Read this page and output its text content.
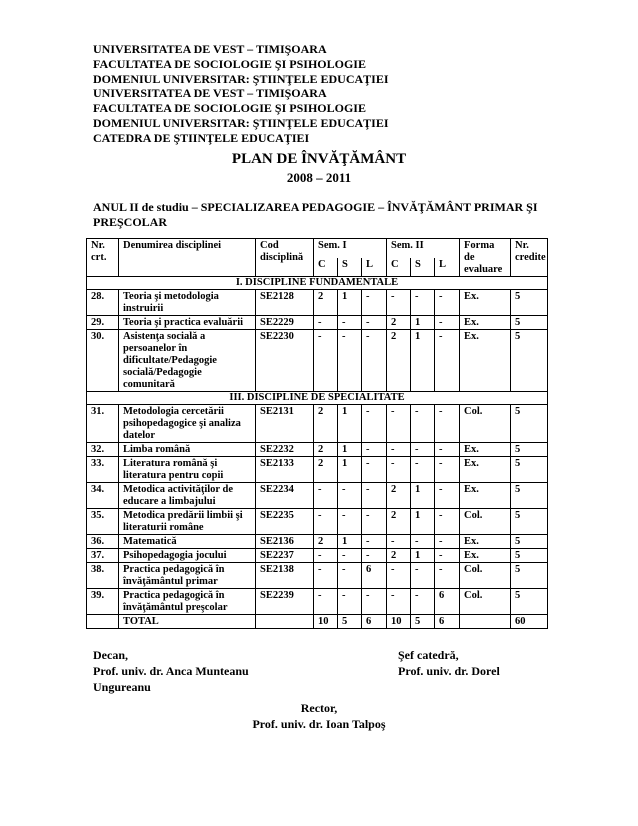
UNIVERSITATEA DE VEST – TIMIŞOARA
FACULTATEA DE SOCIOLOGIE ŞI PSIHOLOGIE
DOMENIUL UNIVERSITAR: ŞTIINŢELE EDUCAŢIEI
UNIVERSITATEA DE VEST – TIMIŞOARA
FACULTATEA DE SOCIOLOGIE ŞI PSIHOLOGIE
DOMENIUL UNIVERSITAR: ŞTIINŢELE EDUCAŢIEI
CATEDRA DE ŞTIINŢELE EDUCAŢIEI
PLAN DE ÎNVĂŢĂMÂNT
2008 – 2011
ANUL II de studiu – SPECIALIZAREA PEDAGOGIE – ÎNVĂŢĂMÂNT PRIMAR ŞI PREŞCOLAR
Nr. crt.	Denumirea disciplinei	Cod disciplină	Sem. I			Sem. II			Forma de evaluare	Nr. credite
			C	S	L	C	S	L		
I. DISCIPLINE FUNDAMENTALE										
28.	Teoria şi metodologia instruirii	SE2128	2	1	-	-	-	-	Ex.	5
29.	Teoria şi practica evaluării	SE2229	-	-	-	2	1	-	Ex.	5
30.	Asistenţa socială a persoanelor în dificultate/Pedagogie socială/Pedagogie comunitară	SE2230	-	-	-	2	1	-	Ex.	5
III. DISCIPLINE DE SPECIALITATE										
31.	Metodologia cercetării psihopedagogice şi analiza datelor	SE2131	2	1	-	-	-	-	Col.	5
32.	Limba română	SE2232	2	1	-	-	-	-	Ex.	5
33.	Literatura română şi literatura pentru copii	SE2133	2	1	-	-	-	-	Ex.	5
34.	Metodica activităţilor de educare a limbajului	SE2234	-	-	-	2	1	-	Ex.	5
35.	Metodica predării limbii şi literaturii române	SE2235	-	-	-	2	1	-	Col.	5
36.	Matematică	SE2136	2	1	-	-	-	-	Ex.	5
37.	Psihopedagogia jocului	SE2237	-	-	-	2	1	-	Ex.	5
38.	Practica pedagogică în învăţământul primar	SE2138	-	-	6	-	-	-	Col.	5
39.	Practica pedagogică în învăţământul preşcolar	SE2239	-	-	-	-	-	6	Col.	5
	TOTAL		10	5	6	10	5	6		60
Decan,
Prof. univ. dr. Anca Munteanu
Ungureanu
Şef catedră,
Prof. univ. dr. Dorel
Rector,
Prof. univ. dr. Ioan Talpoş
